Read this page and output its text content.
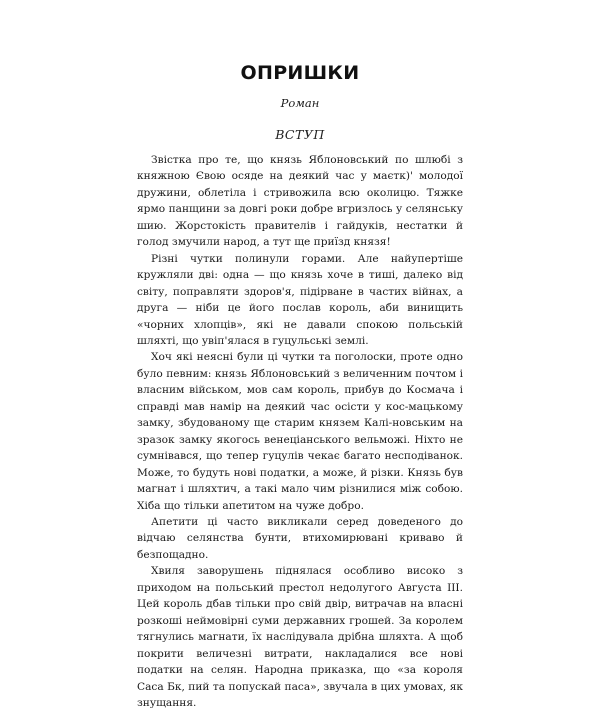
ОПРИШКИ
Роман
ВСТУП

Звістка про те, що князь Яблоновський по шлюбі з княжною Євою осяде на деякий час у маєтк)' молодої дружини, облетіла і стривожила всю околицю. Тяжке ярмо панщини за довгі роки добре вгризлось у селянську шию. Жорстокість правителів і гайдуків, нестатки й голод змучили народ, а тут ще приїзд князя!

Різні чутки полинули горами. Але найупертіше кружляли дві: одна — що князь хоче в тиші, далеко від світу, поправляти здоров'я, підірване в частих війнах, а друга — ніби це його послав король, аби винищить «чорних хлопців», які не давали спокою польській шляхті, що увіп'ялася в гуцульські землі.

Хоч які неясні були ці чутки та поголоски, проте одно було певним: князь Яблоновський з величенним почтом і власним військом, мов сам король, прибув до Космача і справді мав намір на деякий час осісти у кос-мацькому замку, збудованому ще старим князем Калі-новським на зразок замку якогось венеціанського вельможі. Ніхто не сумнівався, що тепер гуцулів чекає багато несподіванок. Може, то будуть нові податки, а може, й різки. Князь був магнат і шляхтич, а такі мало чим різнилися між собою. Хіба що тільки апетитом на чуже добро.

Апетити ці часто викликали серед доведеного до відчаю селянства бунти, втихомирювані криваво й безпощадно.

Хвиля заворушень піднялася особливо високо з приходом на польський престол недолугого Августа III. Цей король дбав тільки про свій двір, витрачав на власні розкоші неймовірні суми державних грошей. За королем тягнулись магнати, їх наслідувала дрібна шляхта. А щоб покрити величезні витрати, накладалися все нові податки на селян. Народна приказка, що «за короля Саса Бк, пий та попускай паса», звучала в цих умовах, як знущання.
